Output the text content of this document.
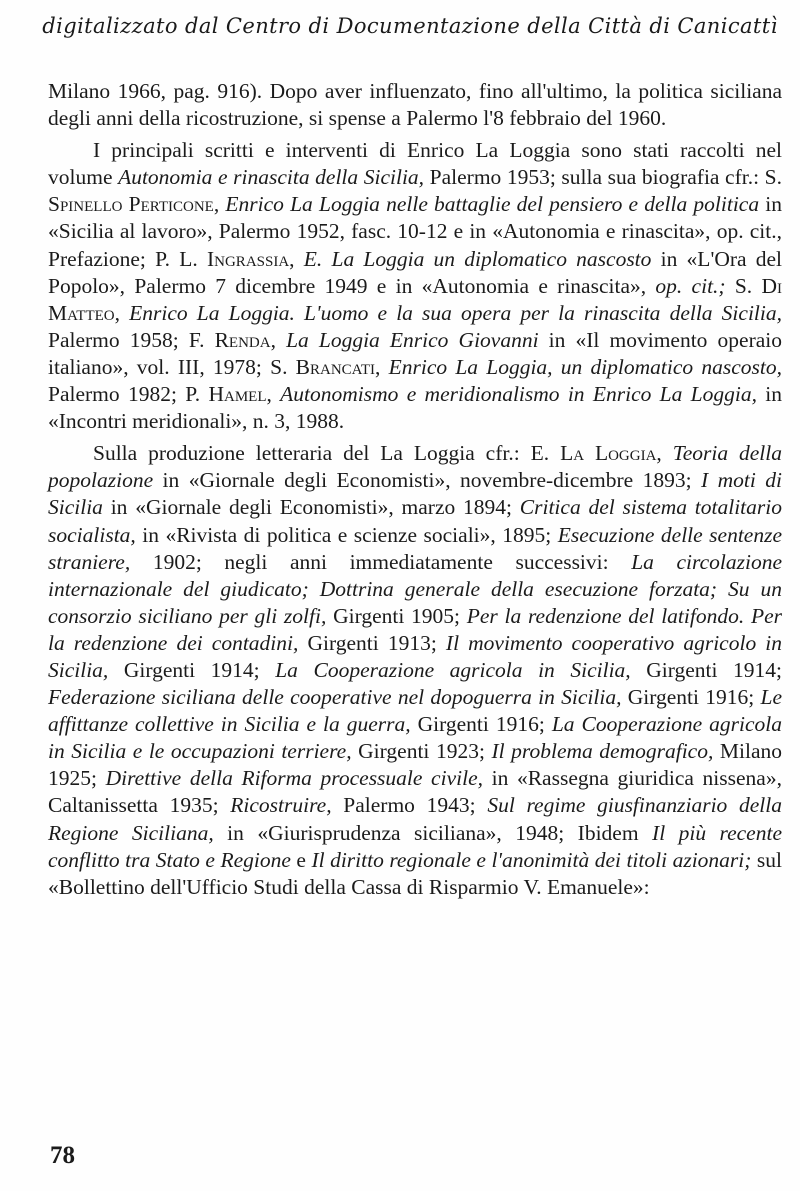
digitalizzato dal Centro di Documentazione della Città di Canicattì

Milano 1966, pag. 916). Dopo aver influenzato, fino all'ultimo, la politica siciliana degli anni della ricostruzione, si spense a Palermo l'8 febbraio del 1960.

I principali scritti e interventi di Enrico La Loggia sono stati raccolti nel volume Autonomia e rinascita della Sicilia, Palermo 1953; sulla sua biografia cfr.: S. Spinello Perticone, Enrico La Loggia nelle battaglie del pensiero e della politica in «Sicilia al lavoro», Palermo 1952, fasc. 10-12 e in «Autonomia e rinascita», op. cit., Prefazione; P. L. Ingrassia, E. La Loggia un diplomatico nascosto in «L'Ora del Popolo», Palermo 7 dicembre 1949 e in «Autonomia e rinascita», op. cit.; S. Di Matteo, Enrico La Loggia. L'uomo e la sua opera per la rinascita della Sicilia, Palermo 1958; F. Renda, La Loggia Enrico Giovanni in «Il movimento operaio italiano», vol. III, 1978; S. Brancati, Enrico La Loggia, un diplomatico nascosto, Palermo 1982; P. Hamel, Autonomismo e meridionalismo in Enrico La Loggia, in «Incontri meridionali», n. 3, 1988.

Sulla produzione letteraria del La Loggia cfr.: E. La Loggia, Teoria della popolazione in «Giornale degli Economisti», novembre-dicembre 1893; I moti di Sicilia in «Giornale degli Economisti», marzo 1894; Critica del sistema totalitario socialista, in «Rivista di politica e scienze sociali», 1895; Esecuzione delle sentenze straniere, 1902; negli anni immediatamente successivi: La circolazione internazionale del giudicato; Dottrina generale della esecuzione forzata; Su un consorzio siciliano per gli zolfi, Girgenti 1905; Per la redenzione del latifondo. Per la redenzione dei contadini, Girgenti 1913; Il movimento cooperativo agricolo in Sicilia, Girgenti 1914; La Cooperazione agricola in Sicilia, Girgenti 1914; Federazione siciliana delle cooperative nel dopoguerra in Sicilia, Girgenti 1916; Le affittanze collettive in Sicilia e la guerra, Girgenti 1916; La Cooperazione agricola in Sicilia e le occupazioni terriere, Girgenti 1923; Il problema demografico, Milano 1925; Direttive della Riforma processuale civile, in «Rassegna giuridica nissena», Caltanissetta 1935; Ricostruire, Palermo 1943; Sul regime giusfinanziario della Regione Siciliana, in «Giurisprudenza siciliana», 1948; Ibidem Il più recente conflitto tra Stato e Regione e Il diritto regionale e l'anonimità dei titoli azionari; sul «Bollettino dell'Ufficio Studi della Cassa di Risparmio V. Emanuele»:

78
